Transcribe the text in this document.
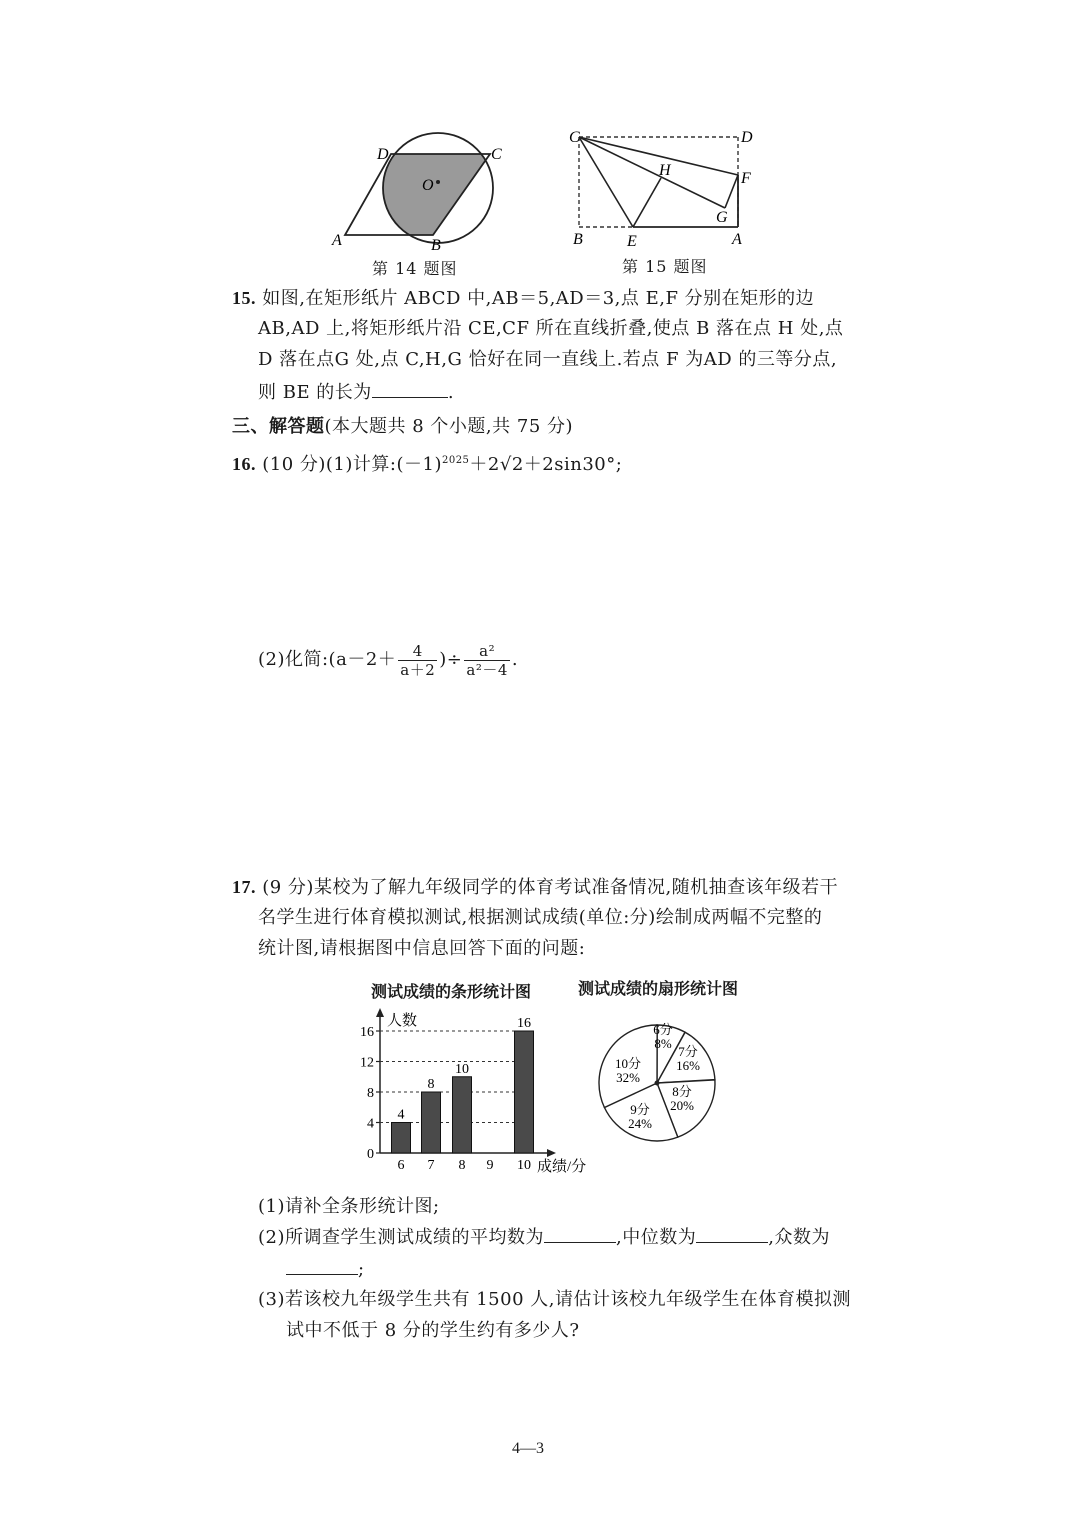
D	C
O
A	B
第 14 题图
C	D
H	F
G
B	E	A
第 15 题图
15. 如图,在矩形纸片 ABCD 中,AB＝5,AD＝3,点 E,F 分别在矩形的边
AB,AD 上,将矩形纸片沿 CE,CF 所在直线折叠,使点 B 落在点 H 处,点
D 落在点G 处,点 C,H,G 恰好在同一直线上.若点 F 为AD 的三等分点,
则 BE 的长为	.
三、解答题(本大题共 8 个小题,共 75 分)
16. (10 分)(1)计算$:(-1)^{2025}+2√2+2\sin 30^\circ$;
(2)化简:(a－2＋ $\frac{4}{a+2}$ )÷ $\frac{\text{a²}}{\text{a²－4}}$ .
17. (9 分)某校为了解九年级同学的体育考试准备情况,随机抽查该年级若干
名学生进行体育模拟测试,根据测试成绩(单位:分)绘制成两幅不完整的
统计图,请根据图中信息回答下面的问题:
测试成绩的条形统计图	测试成绩的扇形统计图
人数
成绩/分
0
4
8
12
16
6 7 8 9 10
4
8
10
16	6分
8%
7分
16%
8分
20%
9分
24%
10分
32%
(1)请补全条形统计图;
(2)所调查学生测试成绩的平均数为	,中位数为	,众数为
;
(3)若该校九年级学生共有 1500 人,请估计该校九年级学生在体育模拟测
试中不低于 8 分的学生约有多少人?
4—3
